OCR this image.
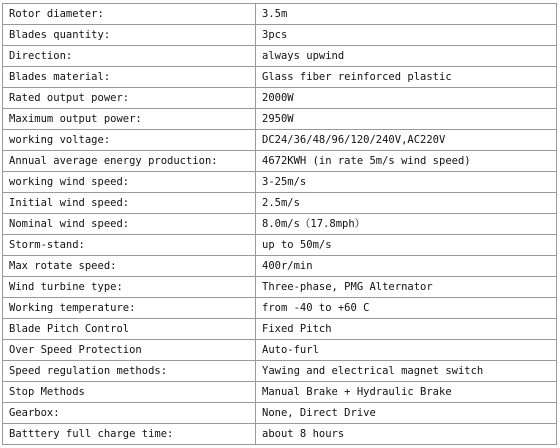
Rotor diameter:	3.5m
Blades quantity:	3pcs
Direction:	always upwind
Blades material:	Glass fiber reinforced plastic
Rated output power:	2000W
Maximum output power:	2950W
working voltage:	DC24/36/48/96/120/240V,AC220V
Annual average energy production:	4672KWH (in rate 5m/s wind speed)
working wind speed:	3-25m/s
Initial wind speed:	2.5m/s
Nominal wind speed:	8.0m/s（17.8mph）
Storm-stand:	up to 50m/s
Max rotate speed:	400r/min
Wind turbine type:	Three-phase, PMG Alternator
Working temperature:	from -40 to +60 C
Blade Pitch Control	Fixed Pitch
Over Speed Protection	Auto-furl
Speed regulation methods:	Yawing and electrical magnet switch
Stop Methods	Manual Brake + Hydraulic Brake
Gearbox:	None, Direct Drive
Batttery full charge time:	about 8 hours
